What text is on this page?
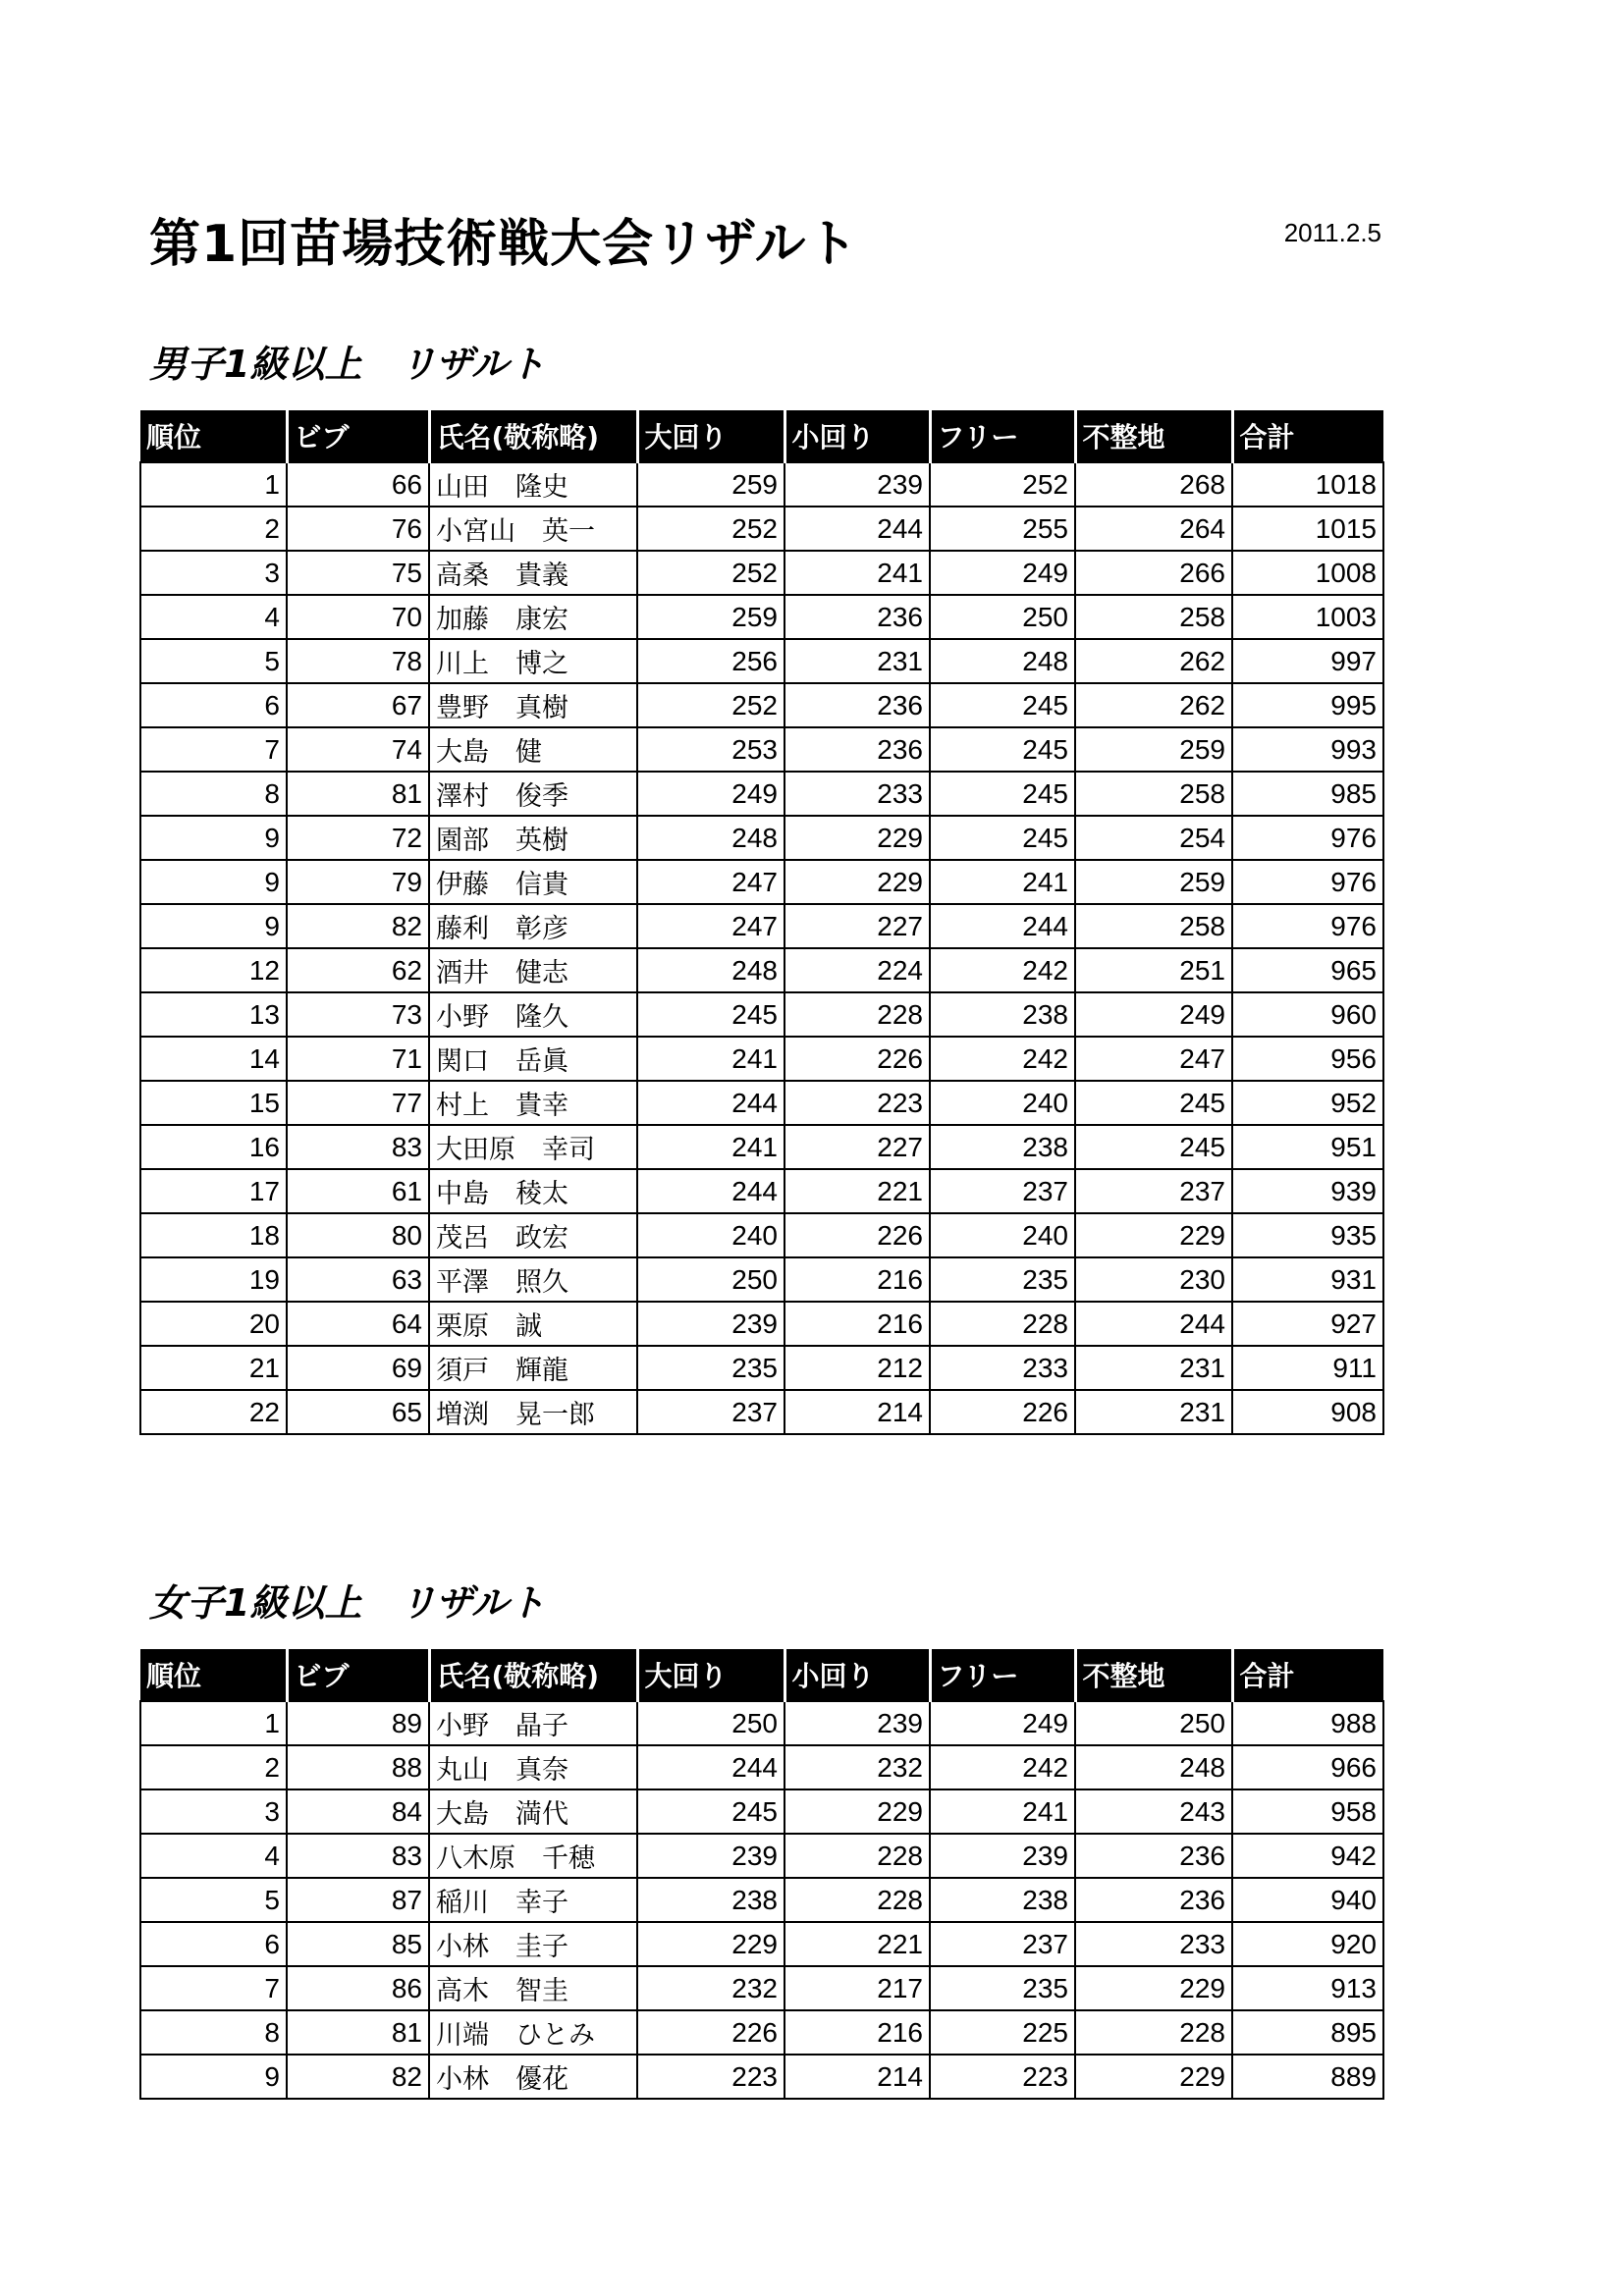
第1回苗場技術戦大会リザルト	2011.2.5
男子1級以上　リザルト
順位	ビブ	氏名(敬称略)	大回り	小回り	フリー	不整地	合計
1	66	山田　隆史	259	239	252	268	1018
2	76	小宮山　英一	252	244	255	264	1015
3	75	高桑　貴義	252	241	249	266	1008
4	70	加藤　康宏	259	236	250	258	1003
5	78	川上　博之	256	231	248	262	997
6	67	豊野　真樹	252	236	245	262	995
7	74	大島　健	253	236	245	259	993
8	81	澤村　俊季	249	233	245	258	985
9	72	園部　英樹	248	229	245	254	976
9	79	伊藤　信貴	247	229	241	259	976
9	82	藤利　彰彦	247	227	244	258	976
12	62	酒井　健志	248	224	242	251	965
13	73	小野　隆久	245	228	238	249	960
14	71	関口　岳眞	241	226	242	247	956
15	77	村上　貴幸	244	223	240	245	952
16	83	大田原　幸司	241	227	238	245	951
17	61	中島　稜太	244	221	237	237	939
18	80	茂呂　政宏	240	226	240	229	935
19	63	平澤　照久	250	216	235	230	931
20	64	栗原　誠	239	216	228	244	927
21	69	須戸　輝龍	235	212	233	231	911
22	65	増渕　晃一郎	237	214	226	231	908
女子1級以上　リザルト
順位	ビブ	氏名(敬称略)	大回り	小回り	フリー	不整地	合計
1	89	小野　晶子	250	239	249	250	988
2	88	丸山　真奈	244	232	242	248	966
3	84	大島　満代	245	229	241	243	958
4	83	八木原　千穂	239	228	239	236	942
5	87	稲川　幸子	238	228	238	236	940
6	85	小林　圭子	229	221	237	233	920
7	86	高木　智圭	232	217	235	229	913
8	81	川端　ひとみ	226	216	225	228	895
9	82	小林　優花	223	214	223	229	889
